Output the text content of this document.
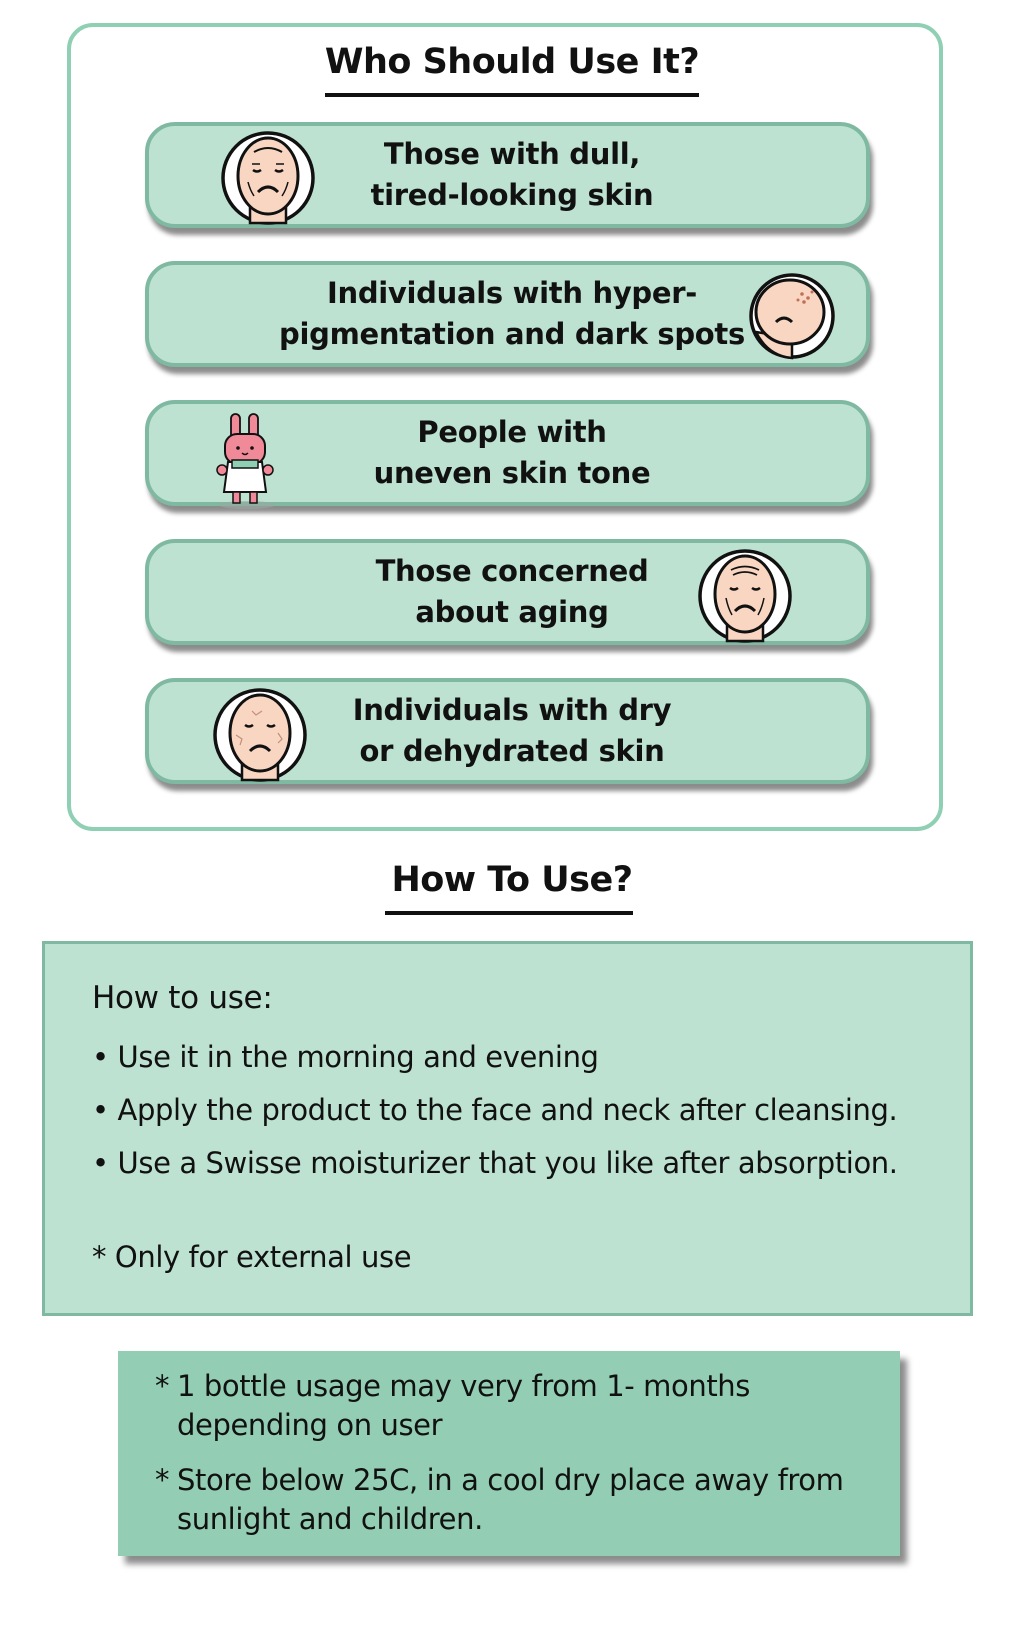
Who Should Use It?
Those with dull,
tired-looking skin
Individuals with hyper-
pigmentation and dark spots
People with
uneven skin tone
Those concerned
about aging
Individuals with dry
or dehydrated skin
How To Use?
How to use:
• Use it in the morning and evening
• Apply the product to the face and neck after cleansing.
• Use a Swisse moisturizer that you like after absorption.
* Only for external use
* 1 bottle usage may very from 1- months
depending on user
* Store below 25C, in a cool dry place away from
sunlight and children.
